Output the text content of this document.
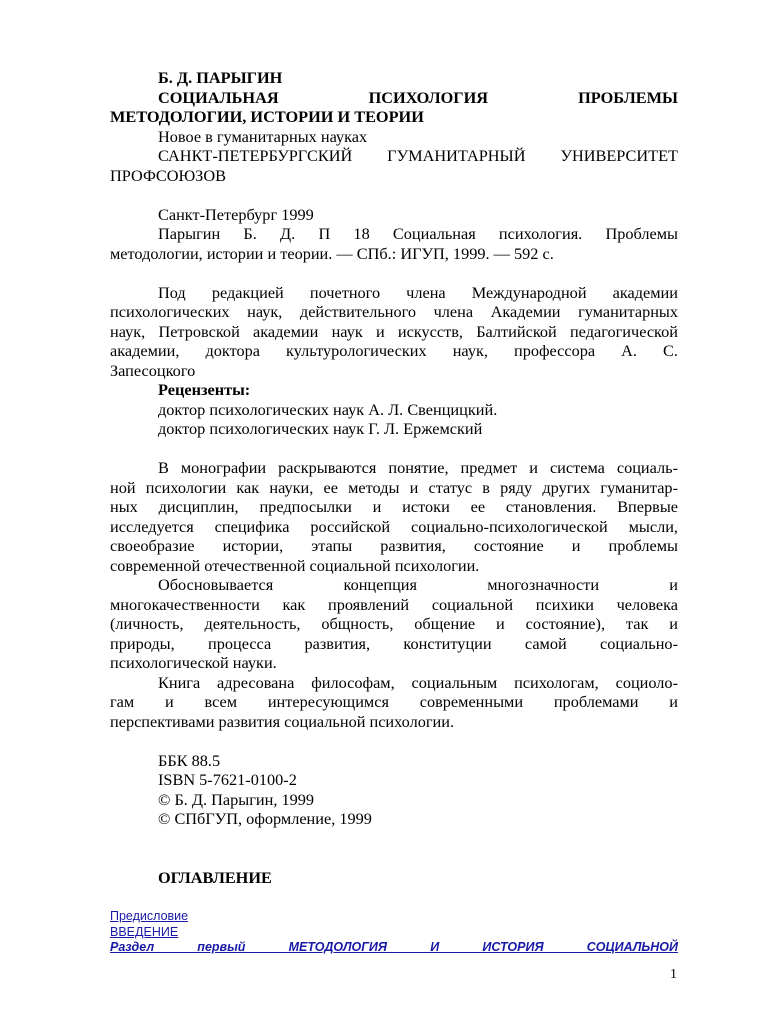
Б. Д. ПАРЫГИН
СОЦИАЛЬНАЯ ПСИХОЛОГИЯ ПРОБЛЕМЫ
МЕТОДОЛОГИИ, ИСТОРИИ И ТЕОРИИ
Новое в гуманитарных науках
САНКТ-ПЕТЕРБУРГСКИЙ ГУМАНИТАРНЫЙ УНИВЕРСИТЕТ
ПРОФСОЮЗОВ
Санкт-Петербург 1999
Парыгин Б. Д. П 18 Социальная психология. Проблемы
методологии, истории и теории. — СПб.: ИГУП, 1999. — 592 с.
Под редакцией почетного члена Международной академии
психологических наук, действительного члена Академии гуманитарных
наук, Петровской академии наук и искусств, Балтийской педагогической
академии, доктора культурологических наук, профессора А. С.
Запесоцкого
Рецензенты:
доктор психологических наук А. Л. Свенцицкий.
доктор психологических наук Г. Л. Ержемский
В монографии раскрываются понятие, предмет и система социаль-
ной психологии как науки, ее методы и статус в ряду других гуманитар-
ных дисциплин, предпосылки и истоки ее становления. Впервые
исследуется специфика российской социально-психологической мысли,
своеобразие истории, этапы развития, состояние и проблемы
современной отечественной социальной психологии.
Обосновывается концепция многозначности и
многокачественности как проявлений социальной психики человека
(личность, деятельность, общность, общение и состояние), так и
природы, процесса развития, конституции самой социально-
психологической науки.
Книга адресована философам, социальным психологам, социоло-
гам и всем интересующимся современными проблемами и
перспективами развития социальной психологии.
ББК 88.5
ISBN 5-7621-0100-2
© Б. Д. Парыгин, 1999
© СПбГУП, оформление, 1999
ОГЛАВЛЕНИЕ
Предисловие
ВВЕДЕНИЕ
Раздел первый МЕТОДОЛОГИЯ И ИСТОРИЯ СОЦИАЛЬНОЙ
1
